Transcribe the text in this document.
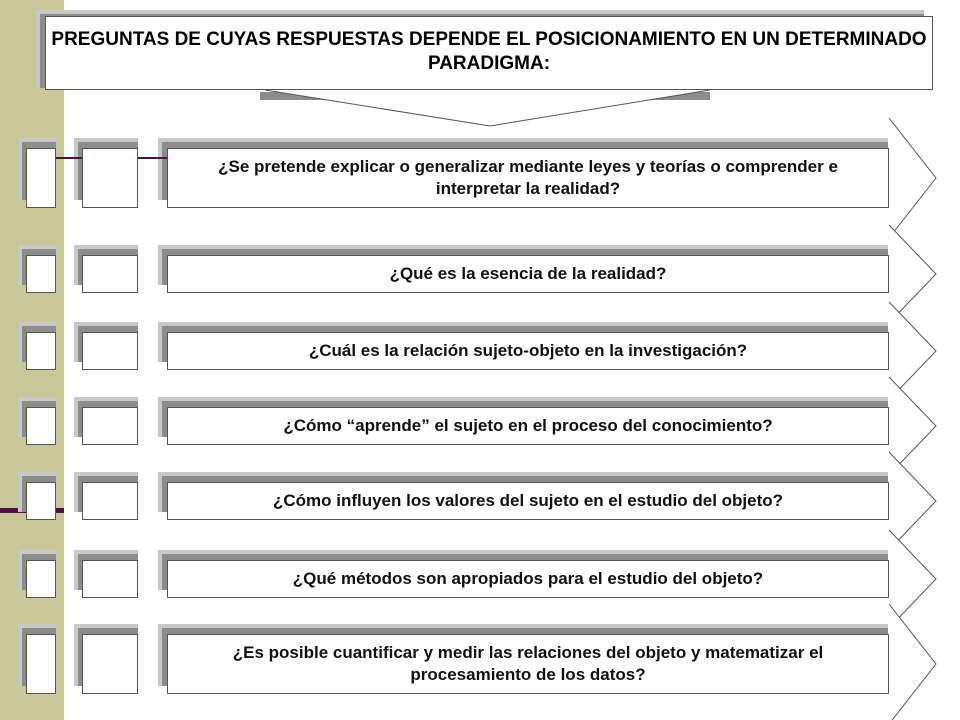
PREGUNTAS DE CUYAS RESPUESTAS DEPENDE EL POSICIONAMIENTO EN UN DETERMINADO PARADIGMA:
¿Se pretende explicar o generalizar mediante leyes y teorías o comprender e interpretar la realidad?
¿Qué es la esencia de la realidad?
¿Cuál es la relación sujeto-objeto en la investigación?
¿Cómo “aprende” el sujeto en el proceso del conocimiento?
¿Cómo influyen los valores del sujeto en el estudio del objeto?
¿Qué métodos son apropiados para el estudio del objeto?
¿Es posible cuantificar y medir las relaciones del objeto y matematizar el procesamiento de los datos?
